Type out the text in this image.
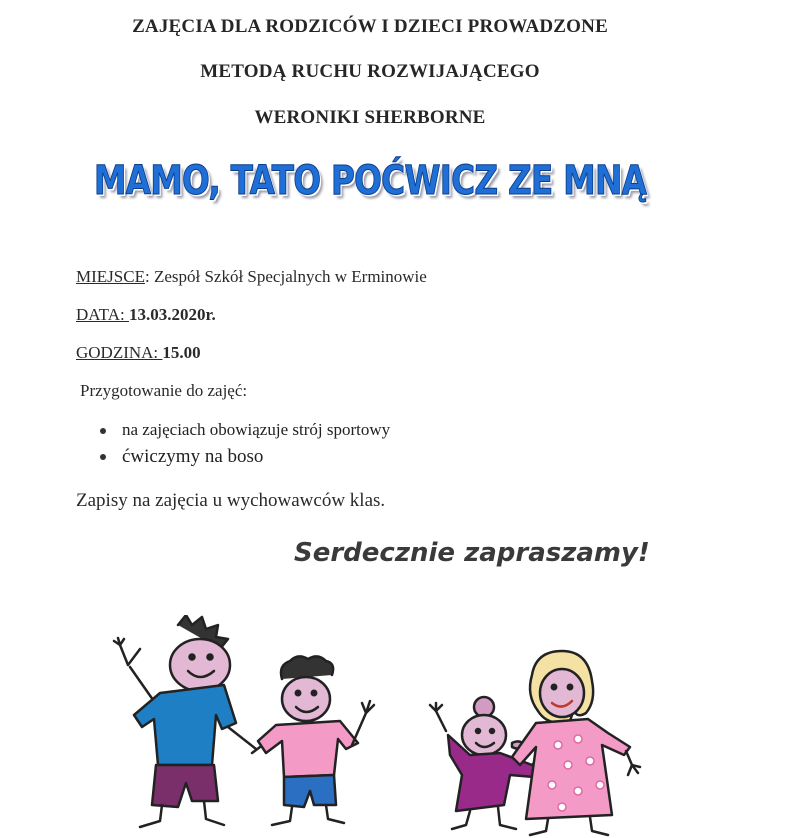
ZAJĘCIA DLA RODZICÓW I DZIECI PROWADZONE
METODĄ RUCHU ROZWIJAJĄCEGO
WERONIKI SHERBORNE
MAMO, TATO POĆWICZ ZE MNĄ
MIEJSCE: Zespół Szkół Specjalnych w Erminowie
DATA: 13.03.2020r.
GODZINA: 15.00
Przygotowanie do zajęć:
na zajęciach obowiązuje strój sportowy
ćwiczymy na boso
Zapisy na zajęcia u wychowawców klas.
Serdecznie zapraszamy!
